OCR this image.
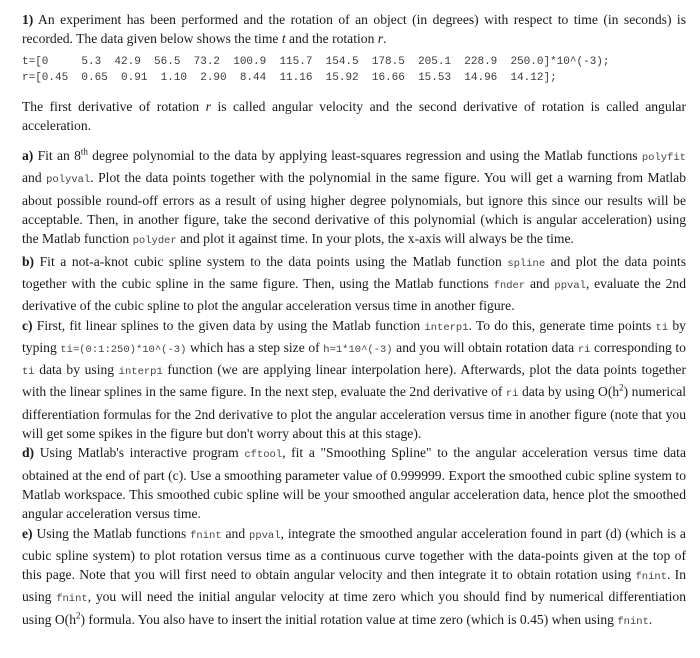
1) An experiment has been performed and the rotation of an object (in degrees) with respect to time (in seconds) is recorded. The data given below shows the time t and the rotation r.

t=[0     5.3  42.9  56.5  73.2  100.9  115.7  154.5  178.5  205.1  228.9  250.0]*10^(-3);
r=[0.45  0.65  0.91  1.10  2.90  8.44  11.16  15.92  16.66  15.53  14.96  14.12];

The first derivative of rotation r is called angular velocity and the second derivative of rotation is called angular acceleration.

a) Fit an 8th degree polynomial to the data by applying least-squares regression and using the Matlab functions polyfit and polyval. Plot the data points together with the polynomial in the same figure. You will get a warning from Matlab about possible round-off errors as a result of using higher degree polynomials, but ignore this since our results will be acceptable. Then, in another figure, take the second derivative of this polynomial (which is angular acceleration) using the Matlab function polyder and plot it against time. In your plots, the x-axis will always be the time.

b) Fit a not-a-knot cubic spline system to the data points using the Matlab function spline and plot the data points together with the cubic spline in the same figure. Then, using the Matlab functions fnder and ppval, evaluate the 2nd derivative of the cubic spline to plot the angular acceleration versus time in another figure.

c) First, fit linear splines to the given data by using the Matlab function interp1. To do this, generate time points ti by typing ti=(0:1:250)*10^(-3) which has a step size of h=1*10^(-3) and you will obtain rotation data ri corresponding to ti data by using interp1 function (we are applying linear interpolation here). Afterwards, plot the data points together with the linear splines in the same figure. In the next step, evaluate the 2nd derivative of ri data by using $O(h^2)$ numerical differentiation formulas for the 2nd derivative to plot the angular acceleration versus time in another figure (note that you will get some spikes in the figure but don't worry about this at this stage).

d) Using Matlab's interactive program cftool, fit a "Smoothing Spline" to the angular acceleration versus time data obtained at the end of part (c). Use a smoothing parameter value of 0.999999. Export the smoothed cubic spline system to Matlab workspace. This smoothed cubic spline will be your smoothed angular acceleration data, hence plot the smoothed angular acceleration versus time.

e) Using the Matlab functions fnint and ppval, integrate the smoothed angular acceleration found in part (d) (which is a cubic spline system) to plot rotation versus time as a continuous curve together with the data-points given at the top of this page. Note that you will first need to obtain angular velocity and then integrate it to obtain rotation using fnint. In using fnint, you will need the initial angular velocity at time zero which you should find by numerical differentiation using $O(h^2)$ formula. You also have to insert the initial rotation value at time zero (which is 0.45) when using fnint.
